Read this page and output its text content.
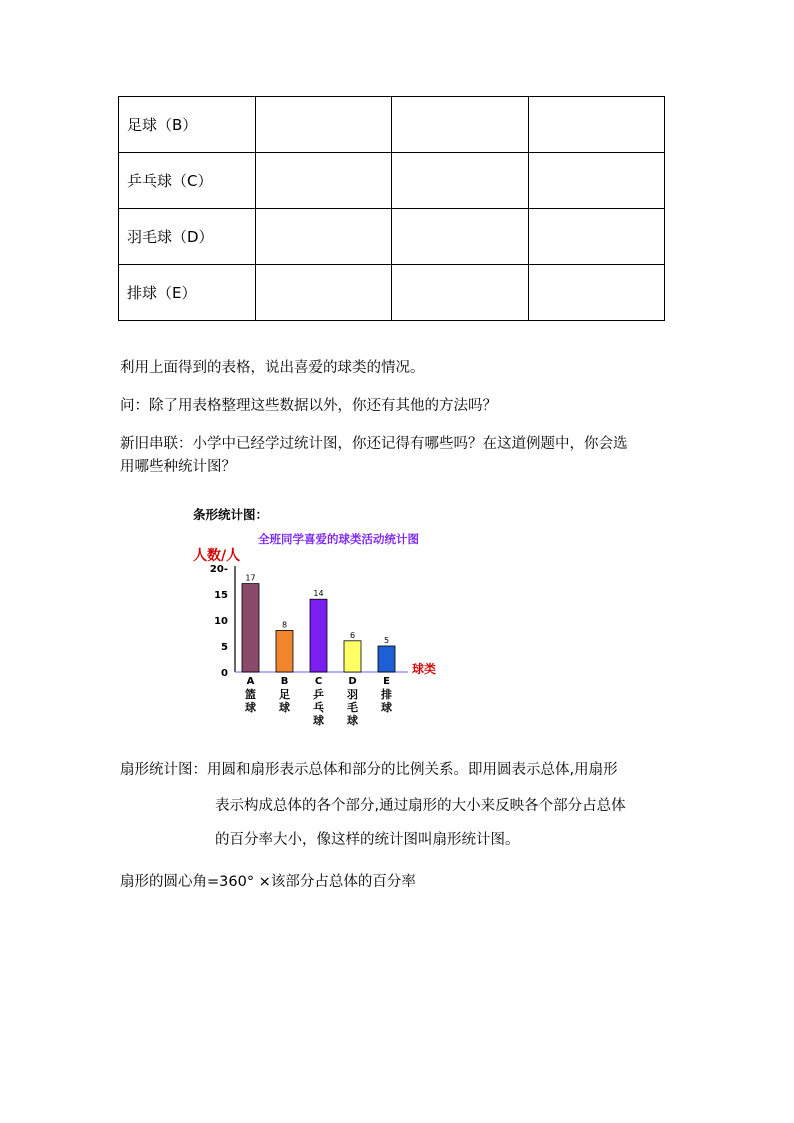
足球（B）			
乒乓球（C）			
羽毛球（D）			
排球（E）			
利用上面得到的表格，说出喜爱的球类的情况。
问：除了用表格整理这些数据以外，你还有其他的方法吗？
新旧串联：小学中已经学过统计图，你还记得有哪些吗？在这道例题中，你会选
用哪些种统计图？
条形统计图：
全班同学喜爱的球类活动统计图
人数/人
球类
0
5
10
15
20-
17
A
篮球
8
B
足球
14
C
乒乓球
6
D
羽毛球
5
E
排球
扇形统计图：用圆和扇形表示总体和部分的比例关系。即用圆表示总体,用扇形
表示构成总体的各个部分,通过扇形的大小来反映各个部分占总体
的百分率大小，像这样的统计图叫扇形统计图。
扇形的圆心角=360° ×该部分占总体的百分率
